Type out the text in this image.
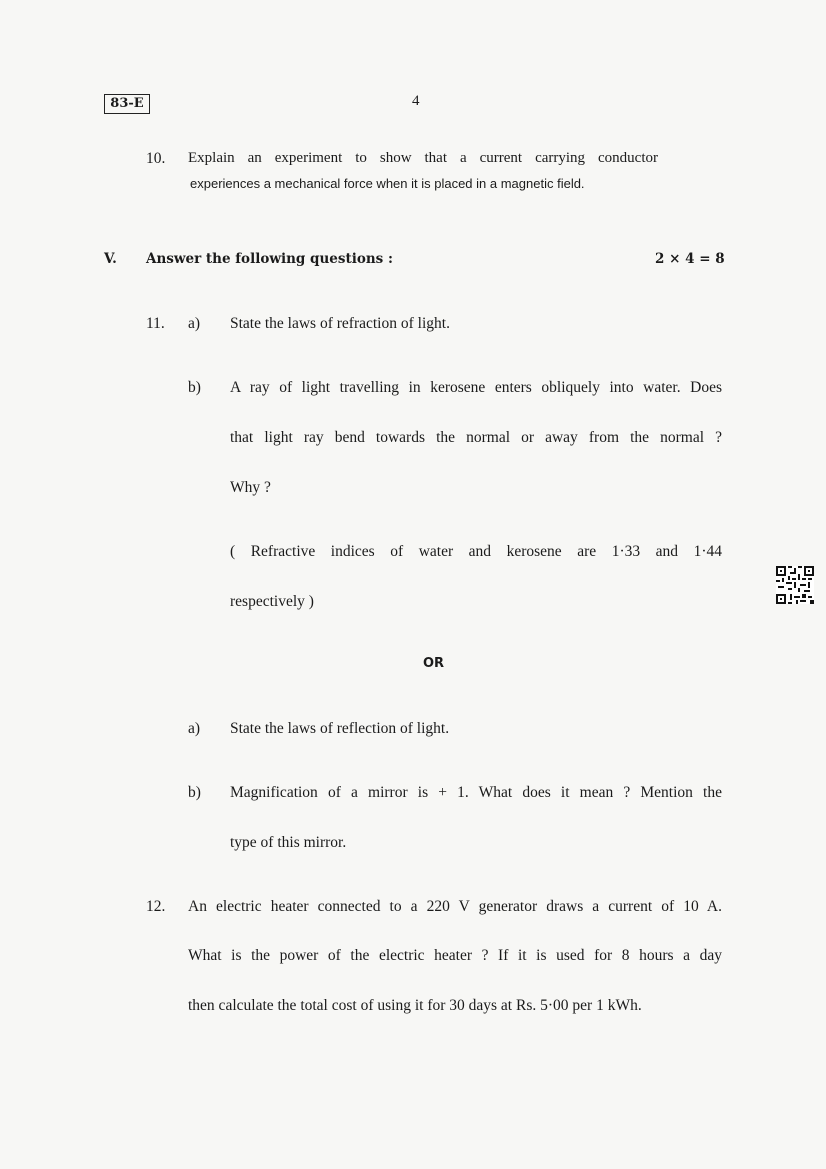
83-E	4
10. Explain an experiment to show that a current carrying conductor
experiences a mechanical force when it is placed in a magnetic field.
V. Answer the following questions :	2 × 4 = 8
11. a) State the laws of refraction of light.
b) A ray of light travelling in kerosene enters obliquely into water. Does
that light ray bend towards the normal or away from the normal ?
Why ?
( Refractive indices of water and kerosene are 1·33 and 1·44
respectively )
OR
a) State the laws of reflection of light.
b) Magnification of a mirror is + 1. What does it mean ? Mention the
type of this mirror.
12. An electric heater connected to a 220 V generator draws a current of 10 A.
What is the power of the electric heater ? If it is used for 8 hours a day
then calculate the total cost of using it for 30 days at Rs. 5·00 per 1 kWh.
